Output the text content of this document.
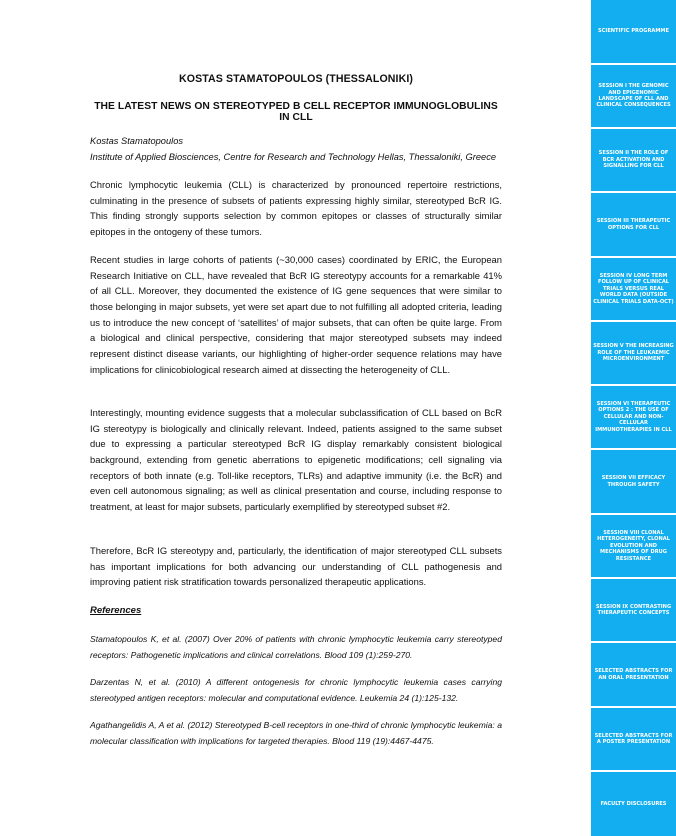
KOSTAS STAMATOPOULOS (THESSALONIKI)
THE LATEST NEWS ON STEREOTYPED B CELL RECEPTOR IMMUNOGLOBULINS IN CLL
Kostas Stamatopoulos
Institute of Applied Biosciences, Centre for Research and Technology Hellas, Thessaloniki, Greece

Chronic lymphocytic leukemia (CLL) is characterized by pronounced repertoire restrictions, culminating in the presence of subsets of patients expressing highly similar, stereotyped BcR IG. This finding strongly supports selection by common epitopes or classes of structurally similar epitopes in the ontogeny of these tumors.

Recent studies in large cohorts of patients (~30,000 cases) coordinated by ERIC, the European Research Initiative on CLL, have revealed that BcR IG stereotypy accounts for a remarkable 41% of all CLL. Moreover, they documented the existence of IG gene sequences that were similar to those belonging in major subsets, yet were set apart due to not fulfilling all adopted criteria, leading us to introduce the new concept of ‘satellites’ of major subsets, that can often be quite large. From a biological and clinical perspective, considering that major stereotyped subsets may indeed represent distinct disease variants, our highlighting of higher-order sequence relations may have implications for clinicobiological research aimed at dissecting the heterogeneity of CLL.

Interestingly, mounting evidence suggests that a molecular subclassification of CLL based on BcR IG stereotypy is biologically and clinically relevant. Indeed, patients assigned to the same subset due to expressing a particular stereotyped BcR IG display remarkably consistent biological background, extending from genetic aberrations to epigenetic modifications; cell signaling via receptors of both innate (e.g. Toll-like receptors, TLRs) and adaptive immunity (i.e. the BcR) and even cell autonomous signaling; as well as clinical presentation and course, including response to treatment, at least for major subsets, particularly exemplified by stereotyped subset #2.

Therefore, BcR IG stereotypy and, particularly, the identification of major stereotyped CLL subsets has important implications for both advancing our understanding of CLL pathogenesis and improving patient risk stratification towards personalized therapeutic applications.

References

Stamatopoulos K, et al. (2007) Over 20% of patients with chronic lymphocytic leukemia carry stereotyped receptors: Pathogenetic implications and clinical correlations. Blood 109 (1):259-270.

Darzentas N, et al. (2010) A different ontogenesis for chronic lymphocytic leukemia cases carrying stereotyped antigen receptors: molecular and computational evidence. Leukemia 24 (1):125-132.

Agathangelidis A, A et al. (2012) Stereotyped B-cell receptors in one-third of chronic lymphocytic leukemia: a molecular classification with implications for targeted therapies. Blood 119 (19):4467-4475.

SCIENTIFIC PROGRAMME
SESSION I THE GENOMIC AND EPIGENOMIC LANDSCAPE OF CLL AND CLINICAL CONSEQUENCES
SESSION II THE ROLE OF BCR ACTIVATION AND SIGNALLING FOR CLL
SESSION III THERAPEUTIC OPTIONS FOR CLL
SESSION IV LONG TERM FOLLOW UP OF CLINICAL TRIALS VERSUS REAL WORLD DATA (OUTSIDE CLINICAL TRIALS DATA-OCT)
SESSION V THE INCREASING ROLE OF THE LEUKAEMIC MICROENVIRONMENT
SESSION VI THERAPEUTIC OPTIONS 2 : THE USE OF CELLULAR AND NON-CELLULAR IMMUNOTHERAPIES IN CLL
SESSION VII EFFICACY THROUGH SAFETY
SESSION VIII CLONAL HETEROGENEITY, CLONAL EVOLUTION AND MECHANISMS OF DRUG RESISTANCE
SESSION IX CONTRASTING THERAPEUTIC CONCEPTS
SELECTED ABSTRACTS FOR AN ORAL PRESENTATION
SELECTED ABSTRACTS FOR A POSTER PRESENTATION
FACULTY DISCLOSURES
